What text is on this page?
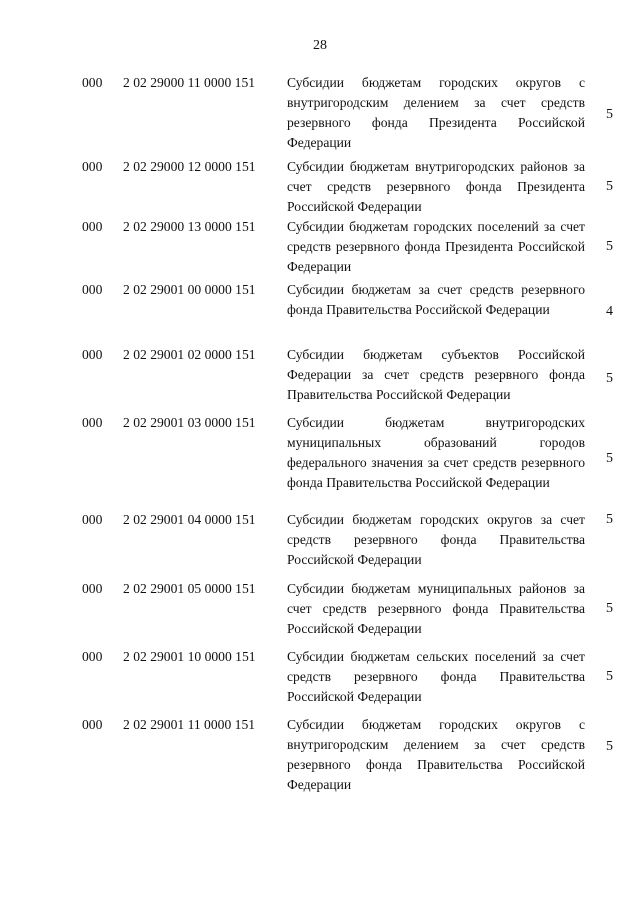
28
000 2 02 29000 11 0000 151 Субсидии бюджетам городских округов с внутригородским делением за счет средств резервного фонда Президента Российской Федерации
5
000 2 02 29000 12 0000 151 Субсидии бюджетам внутригородских районов за счет средств резервного фонда Президента Российской Федерации
5
000 2 02 29000 13 0000 151 Субсидии бюджетам городских поселений за счет средств резервного фонда Президента Российской Федерации
5
000 2 02 29001 00 0000 151 Субсидии бюджетам за счет средств резервного фонда Правительства Российской Федерации	4
000 2 02 29001 02 0000 151 Субсидии бюджетам субъектов Российской Федерации за счет средств резервного фонда Правительства Российской Федерации
5
000 2 02 29001 03 0000 151 Субсидии бюджетам внутригородских муниципальных образований городов федерального значения за счет средств резервного фонда Правительства Российской Федерации
5
000 2 02 29001 04 0000 151 Субсидии бюджетам городских округов за счет средств резервного фонда Правительства Российской Федерации
5
000 2 02 29001 05 0000 151 Субсидии бюджетам муниципальных районов за счет средств резервного фонда Правительства Российской Федерации
5
000 2 02 29001 10 0000 151 Субсидии бюджетам сельских поселений за счет средств резервного фонда Правительства Российской Федерации
5
000 2 02 29001 11 0000 151 Субсидии бюджетам городских округов с внутригородским делением за счет средств резервного фонда Правительства Российской Федерации
5
